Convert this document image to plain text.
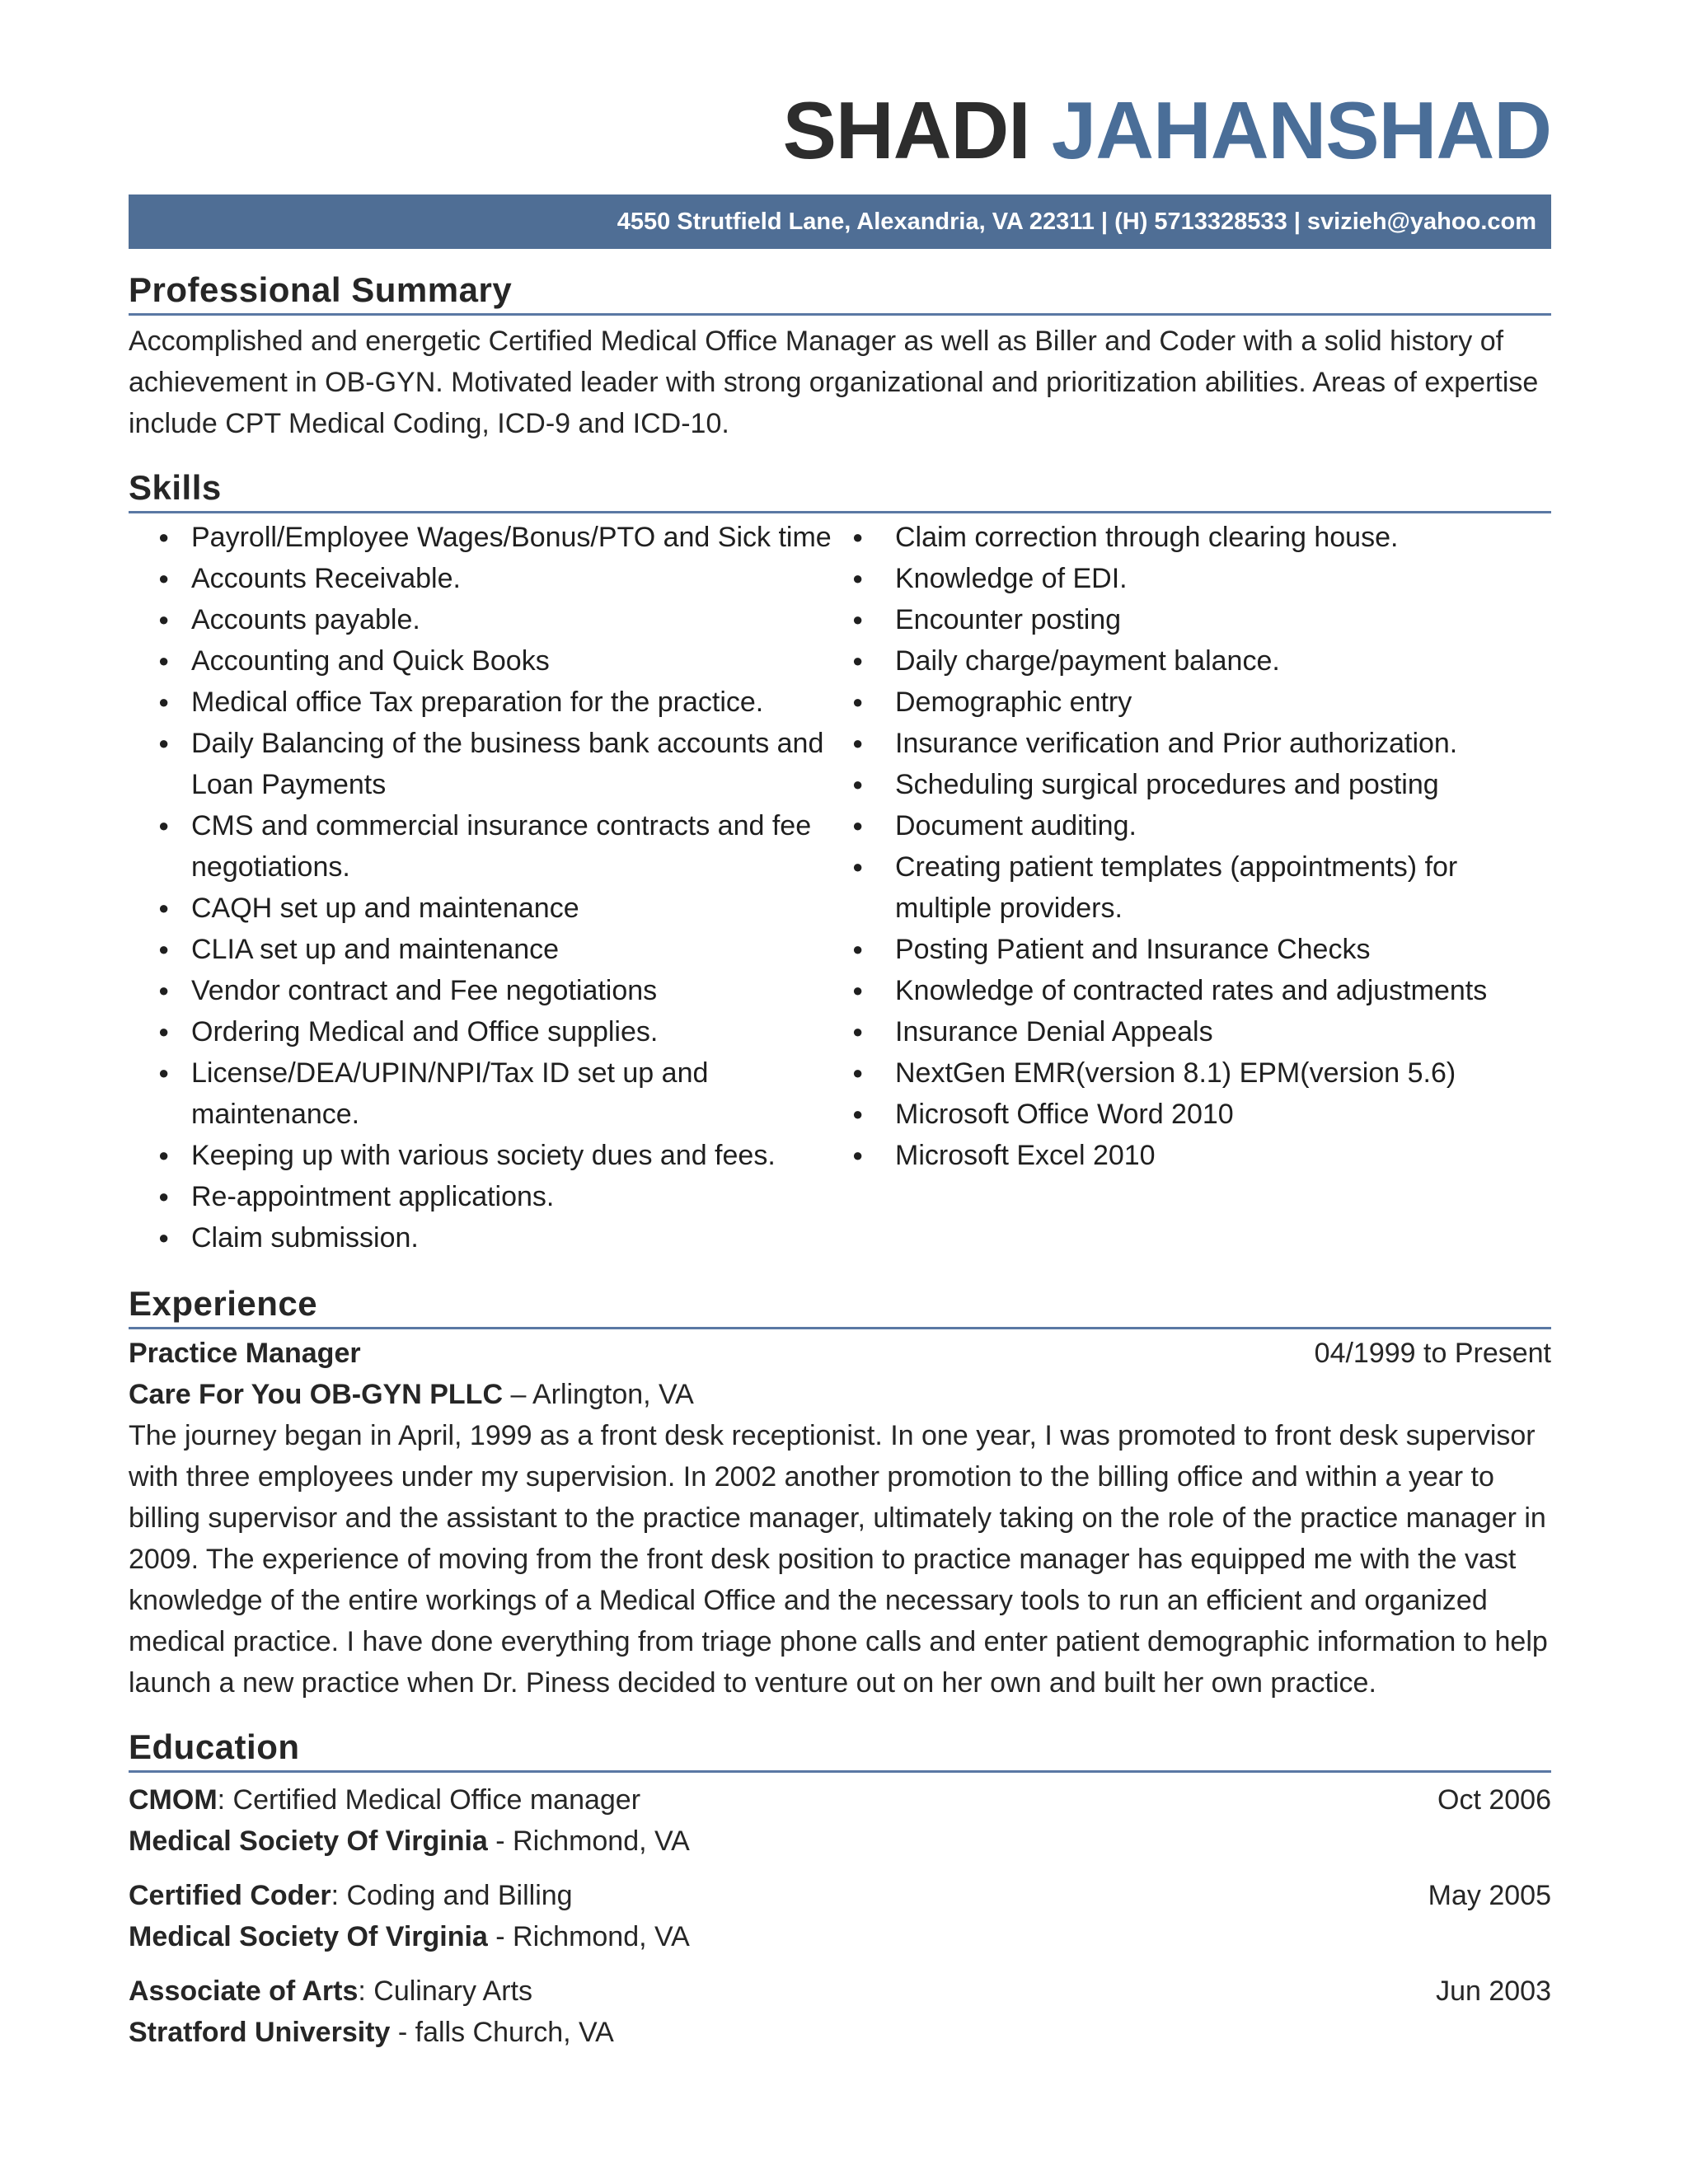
SHADI JAHANSHAD
4550 Strutfield Lane, Alexandria, VA 22311 | (H) 5713328533 | svizieh@yahoo.com
Professional Summary

Accomplished and energetic Certified Medical Office Manager as well as Biller and Coder with a solid history of achievement in OB-GYN. Motivated leader with strong organizational and prioritization abilities. Areas of expertise include CPT Medical Coding, ICD-9 and ICD-10.

Skills
● Payroll/Employee Wages/Bonus/PTO and Sick time
● Accounts Receivable.
● Accounts payable.
● Accounting and Quick Books
● Medical office Tax preparation for the practice.
● Daily Balancing of the business bank accounts and Loan Payments
● CMS and commercial insurance contracts and fee negotiations.
● CAQH set up and maintenance
● CLIA set up and maintenance
● Vendor contract and Fee negotiations
● Ordering Medical and Office supplies.
● License/DEA/UPIN/NPI/Tax ID set up and maintenance.
● Keeping up with various society dues and fees.
● Re-appointment applications.
● Claim submission.
● Claim correction through clearing house.
● Knowledge of EDI.
● Encounter posting
● Daily charge/payment balance.
● Demographic entry
● Insurance verification and Prior authorization.
● Scheduling surgical procedures and posting
● Document auditing.
● Creating patient templates (appointments) for multiple providers.
● Posting Patient and Insurance Checks
● Knowledge of contracted rates and adjustments
● Insurance Denial Appeals
● NextGen EMR(version 8.1) EPM(version 5.6)
● Microsoft Office Word 2010
● Microsoft Excel 2010
Experience
Practice Manager	04/1999 to Present
Care For You OB-GYN PLLC – Arlington, VA

The journey began in April, 1999 as a front desk receptionist. In one year, I was promoted to front desk supervisor with three employees under my supervision. In 2002 another promotion to the billing office and within a year to billing supervisor and the assistant to the practice manager, ultimately taking on the role of the practice manager in 2009. The experience of moving from the front desk position to practice manager has equipped me with the vast knowledge of the entire workings of a Medical Office and the necessary tools to run an efficient and organized medical practice. I have done everything from triage phone calls and enter patient demographic information to help launch a new practice when Dr. Piness decided to venture out on her own and built her own practice.

Education
CMOM: Certified Medical Office manager	Oct 2006
Medical Society Of Virginia - Richmond, VA
Certified Coder: Coding and Billing	May 2005
Medical Society Of Virginia - Richmond, VA
Associate of Arts: Culinary Arts	Jun 2003
Stratford University - falls Church, VA
